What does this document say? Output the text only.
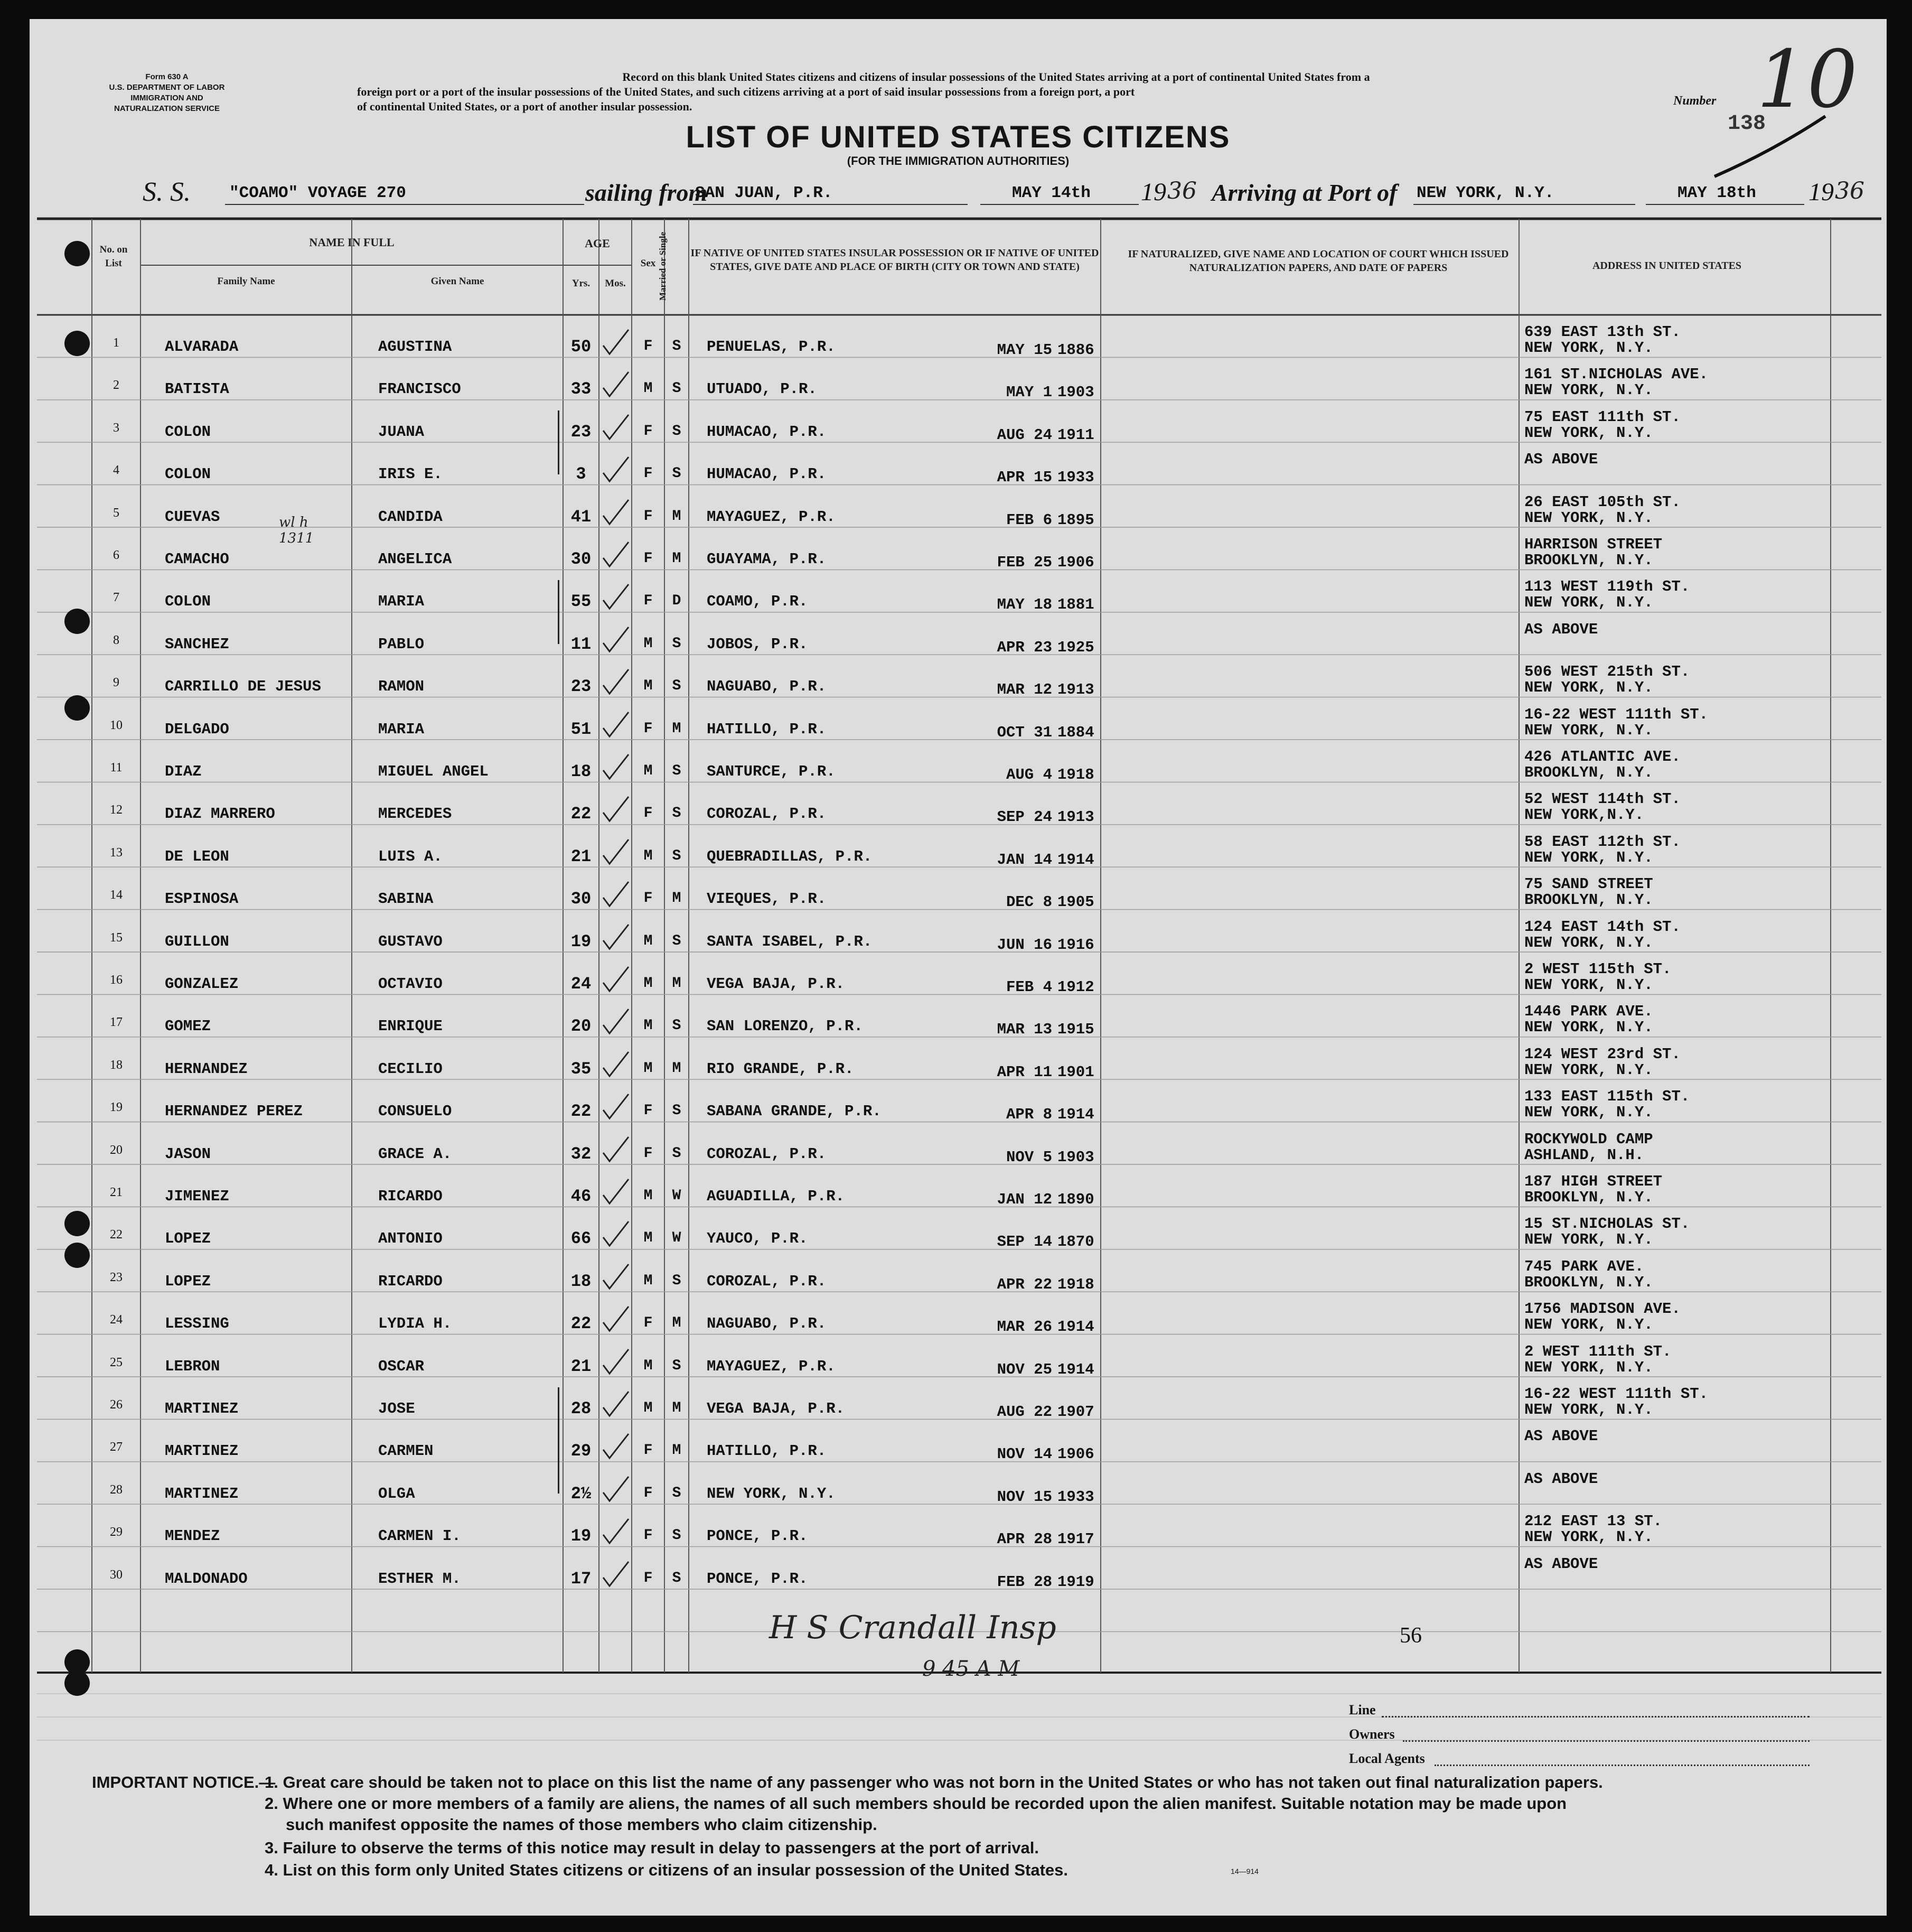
Form 630 A
U.S. DEPARTMENT OF LABOR
IMMIGRATION AND
NATURALIZATION SERVICE
Record on this blank United States citizens and citizens of insular possessions of the United States arriving at a port of continental United States from a
foreign port or a port of the insular possessions of the United States, and such citizens arriving at a port of said insular possessions from a foreign port, a port
of continental United States, or a port of another insular possession.	Number 10
138
LIST OF UNITED STATES CITIZENS
(FOR THE IMMIGRATION AUTHORITIES)
S. S. "COAMO" VOYAGE 270	sailing from
SAN JUAN, P.R.	MAY 14th 19 36 Arriving at Port of NEW YORK, N.Y.	MAY 18th 19 36
No. on List
NAME IN FULL
Family Name	Given Name
AGE
Yrs.	Mos.
Sex Married or Single IF NATIVE OF UNITED STATES INSULAR POSSESSION OR IF NATIVE OF UNITED STATES, GIVE DATE AND PLACE OF BIRTH (CITY OR TOWN AND STATE)
IF NATURALIZED, GIVE NAME AND LOCATION OF COURT WHICH ISSUED NATURALIZATION PAPERS, AND DATE OF PAPERS	ADDRESS IN UNITED STATES
1	ALVARADA	AGUSTINA	50	F	S	PENUELAS, P.R.	MAY 15 1886
639 EAST 13th ST.
NEW YORK, N.Y.
2	BATISTA	FRANCISCO	33	M	S	UTUADO, P.R.	MAY 1 1903
161 ST.NICHOLAS AVE.
NEW YORK, N.Y.
3	COLON	JUANA	23	F	S	HUMACAO, P.R.	AUG 24 1911
75 EAST 111th ST.
NEW YORK, N.Y.
4	COLON	IRIS E.	3	F	S	HUMACAO, P.R.	APR 15 1933
AS ABOVE
5	CUEVAS	CANDIDA	41	F	M	MAYAGUEZ, P.R.	FEB 6 1895
26 EAST 105th ST.
NEW YORK, N.Y.
6	CAMACHO	ANGELICA	30	F	M	GUAYAMA, P.R.	FEB 25 1906
HARRISON STREET
BROOKLYN, N.Y.
7	COLON	MARIA	55	F	D	COAMO, P.R.	MAY 18 1881
113 WEST 119th ST.
NEW YORK, N.Y.
8	SANCHEZ	PABLO	11	M	S	JOBOS, P.R.	APR 23 1925
AS ABOVE
9	CARRILLO DE JESUS	RAMON	23	M	S	NAGUABO, P.R.	MAR 12 1913
506 WEST 215th ST.
NEW YORK, N.Y.
10	DELGADO	MARIA	51	F	M	HATILLO, P.R.	OCT 31 1884
16-22 WEST 111th ST.
NEW YORK, N.Y.
11	DIAZ	MIGUEL ANGEL	18	M	S	SANTURCE, P.R.	AUG 4 1918
426 ATLANTIC AVE.
BROOKLYN, N.Y.
12	DIAZ MARRERO	MERCEDES	22	F	S	COROZAL, P.R.	SEP 24 1913
52 WEST 114th ST.
NEW YORK,N.Y.
13	DE LEON	LUIS A.	21	M	S	QUEBRADILLAS, P.R.	JAN 14 1914
58 EAST 112th ST.
NEW YORK, N.Y.
14	ESPINOSA	SABINA	30	F	M	VIEQUES, P.R.	DEC 8 1905
75 SAND STREET
BROOKLYN, N.Y.
15	GUILLON	GUSTAVO	19	M	S	SANTA ISABEL, P.R.	JUN 16 1916
124 EAST 14th ST.
NEW YORK, N.Y.
16	GONZALEZ	OCTAVIO	24	M	M	VEGA BAJA, P.R.	FEB 4 1912
2 WEST 115th ST.
NEW YORK, N.Y.
17	GOMEZ	ENRIQUE	20	M	S	SAN LORENZO, P.R.	MAR 13 1915
1446 PARK AVE.
NEW YORK, N.Y.
18	HERNANDEZ	CECILIO	35	M	M	RIO GRANDE, P.R.	APR 11 1901
124 WEST 23rd ST.
NEW YORK, N.Y.
19	HERNANDEZ PEREZ	CONSUELO	22	F	S	SABANA GRANDE, P.R.	APR 8 1914
133 EAST 115th ST.
NEW YORK, N.Y.
20	JASON	GRACE A.	32	F	S	COROZAL, P.R.	NOV 5 1903
ROCKYWOLD CAMP
ASHLAND, N.H.
21	JIMENEZ	RICARDO	46	M	W	AGUADILLA, P.R.	JAN 12 1890
187 HIGH STREET
BROOKLYN, N.Y.
22	LOPEZ	ANTONIO	66	M	W	YAUCO, P.R.	SEP 14 1870
15 ST.NICHOLAS ST.
NEW YORK, N.Y.
23	LOPEZ	RICARDO	18	M	S	COROZAL, P.R.	APR 22 1918
745 PARK AVE.
BROOKLYN, N.Y.
24	LESSING	LYDIA H.	22	F	M	NAGUABO, P.R.	MAR 26 1914
1756 MADISON AVE.
NEW YORK, N.Y.
25	LEBRON	OSCAR	21	M	S	MAYAGUEZ, P.R.	NOV 25 1914
2 WEST 111th ST.
NEW YORK, N.Y.
26	MARTINEZ	JOSE	28	M	M	VEGA BAJA, P.R.	AUG 22 1907
16-22 WEST 111th ST.
NEW YORK, N.Y.
27	MARTINEZ	CARMEN	29	F	M	HATILLO, P.R.	NOV 14 1906
AS ABOVE
28	MARTINEZ	OLGA	2½	F	S	NEW YORK, N.Y.	NOV 15 1933
AS ABOVE
29	MENDEZ	CARMEN I.	19	F	S	PONCE, P.R.	APR 28 1917
212 EAST 13 ST.
NEW YORK, N.Y.
30	MALDONADO	ESTHER M.	17	F	S	PONCE, P.R.	FEB 28 1919
AS ABOVE
wl h 1311
H S Crandall Insp
9 45 A M
56
Line
Owners
Local Agents
IMPORTANT NOTICE.—
1. Great care should be taken not to place on this list the name of any passenger who was not born in the United States or who has not taken out final naturalization papers.
2. Where one or more members of a family are aliens, the names of all such members should be recorded upon the alien manifest. Suitable notation may be made upon
such manifest opposite the names of those members who claim citizenship.
3. Failure to observe the terms of this notice may result in delay to passengers at the port of arrival.
4. List on this form only United States citizens or citizens of an insular possession of the United States.	14—914
